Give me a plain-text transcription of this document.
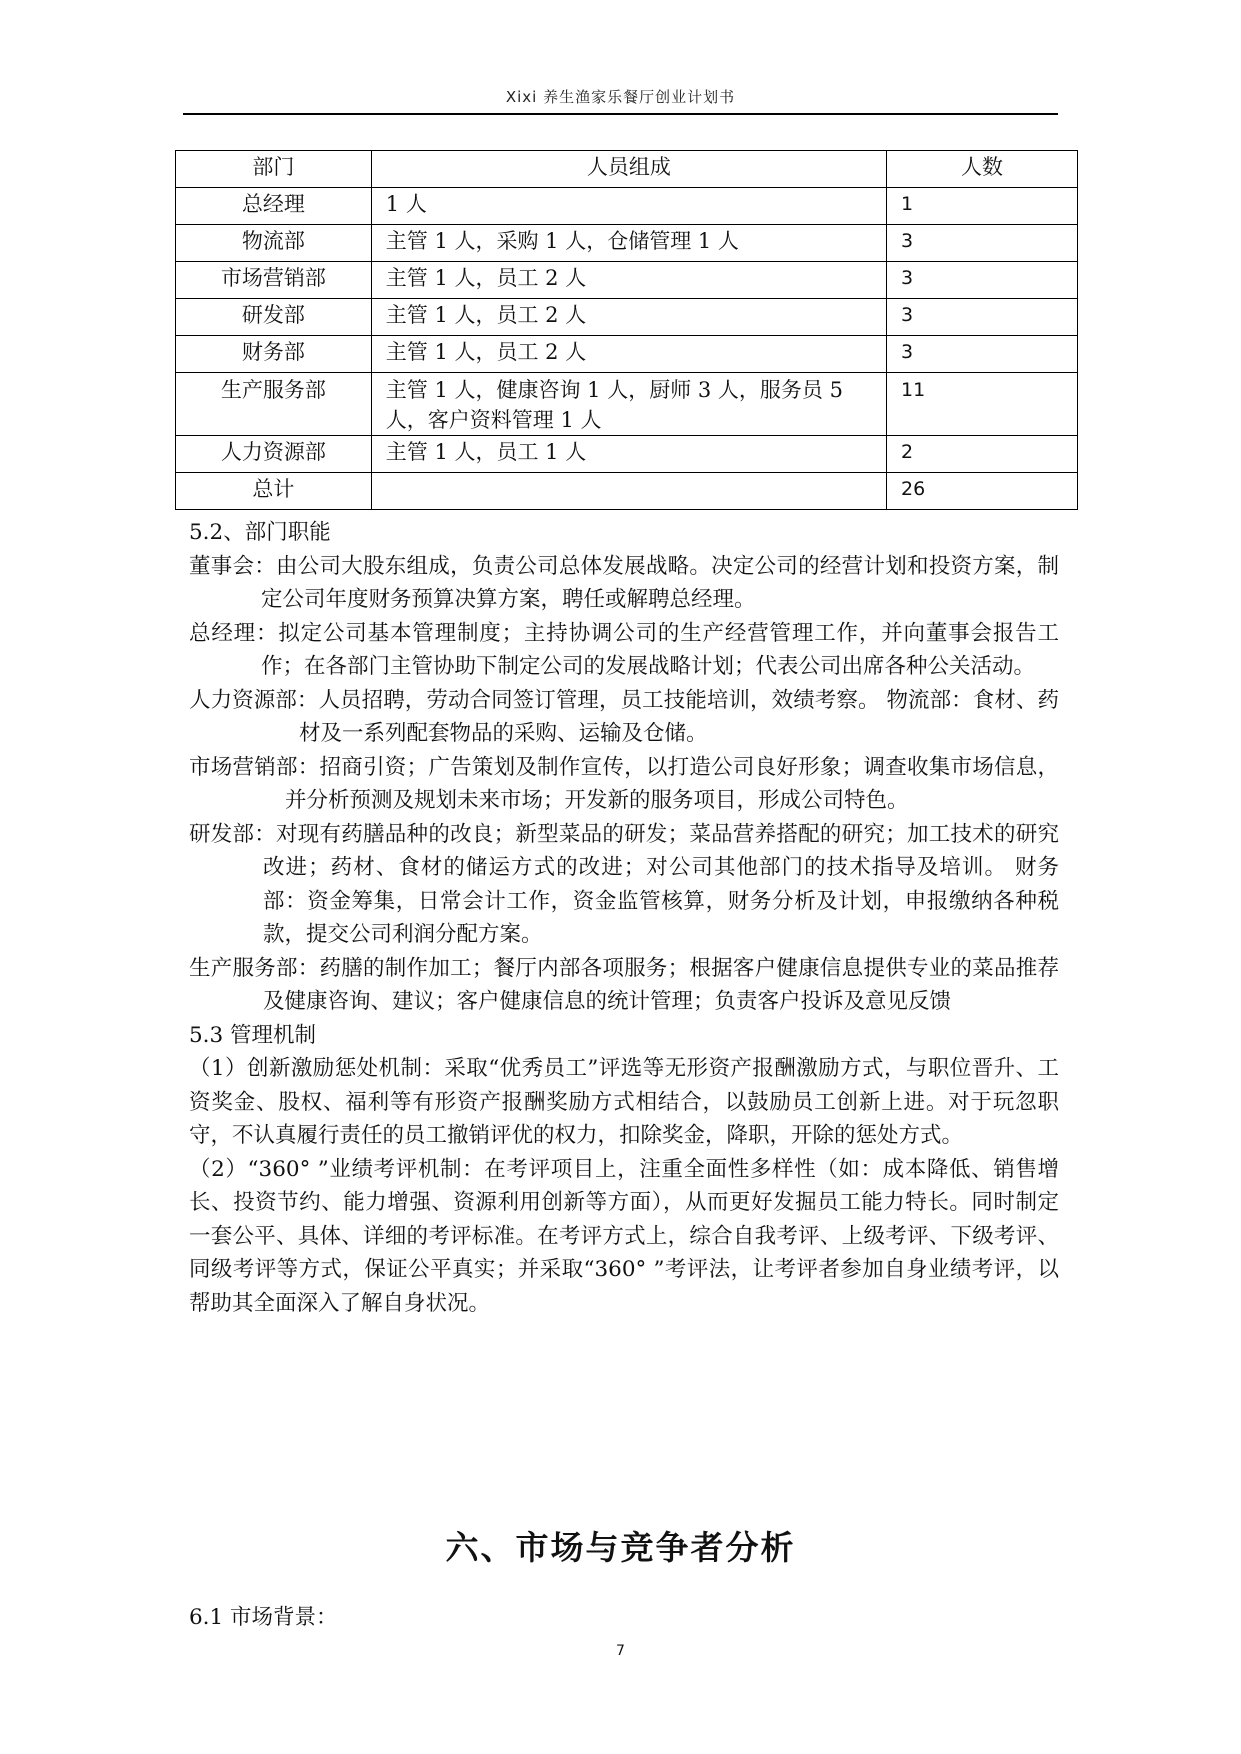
Xixi 养生渔家乐餐厅创业计划书
部门	人员组成	人数
总经理	1 人	1
物流部	主管 1 人，采购 1 人，仓储管理 1 人	3
市场营销部	主管 1 人，员工 2 人	3
研发部	主管 1 人，员工 2 人	3
财务部	主管 1 人，员工 2 人	3
生产服务部	主管 1 人，健康咨询 1 人，厨师 3 人，服务员 5 人，客户资料管理 1 人	11
人力资源部	主管 1 人，员工 1 人	2
总计		26

5.2、部门职能

董事会：由公司大股东组成，负责公司总体发展战略。决定公司的经营计划和投资方案，制定公司年度财务预算决算方案，聘任或解聘总经理。

总经理：拟定公司基本管理制度；主持协调公司的生产经营管理工作，并向董事会报告工作；在各部门主管协助下制定公司的发展战略计划；代表公司出席各种公关活动。

人力资源部：人员招聘，劳动合同签订管理，员工技能培训，效绩考察。 物流部：食材、药材及一系列配套物品的采购、运输及仓储。

市场营销部：招商引资；广告策划及制作宣传，以打造公司良好形象；调查收集市场信息，并分析预测及规划未来市场；开发新的服务项目，形成公司特色。

研发部：对现有药膳品种的改良；新型菜品的研发；菜品营养搭配的研究；加工技术的研究改进；药材、食材的储运方式的改进；对公司其他部门的技术指导及培训。 财务部：资金筹集，日常会计工作，资金监管核算，财务分析及计划，申报缴纳各种税款，提交公司利润分配方案。

生产服务部：药膳的制作加工；餐厅内部各项服务；根据客户健康信息提供专业的菜品推荐及健康咨询、建议；客户健康信息的统计管理；负责客户投诉及意见反馈

5.3 管理机制

（1）创新激励惩处机制：采取“优秀员工”评选等无形资产报酬激励方式，与职位晋升、工资奖金、股权、福利等有形资产报酬奖励方式相结合，以鼓励员工创新上进。对于玩忽职守，不认真履行责任的员工撤销评优的权力，扣除奖金，降职，开除的惩处方式。

（2）“360° ”业绩考评机制：在考评项目上，注重全面性多样性（如：成本降低、销售增长、投资节约、能力增强、资源利用创新等方面），从而更好发掘员工能力特长。同时制定一套公平、具体、详细的考评标准。在考评方式上，综合自我考评、上级考评、下级考评、同级考评等方式，保证公平真实；并采取“360° ”考评法，让考评者参加自身业绩考评，以帮助其全面深入了解自身状况。

六、市场与竞争者分析
6.1 市场背景：
7
